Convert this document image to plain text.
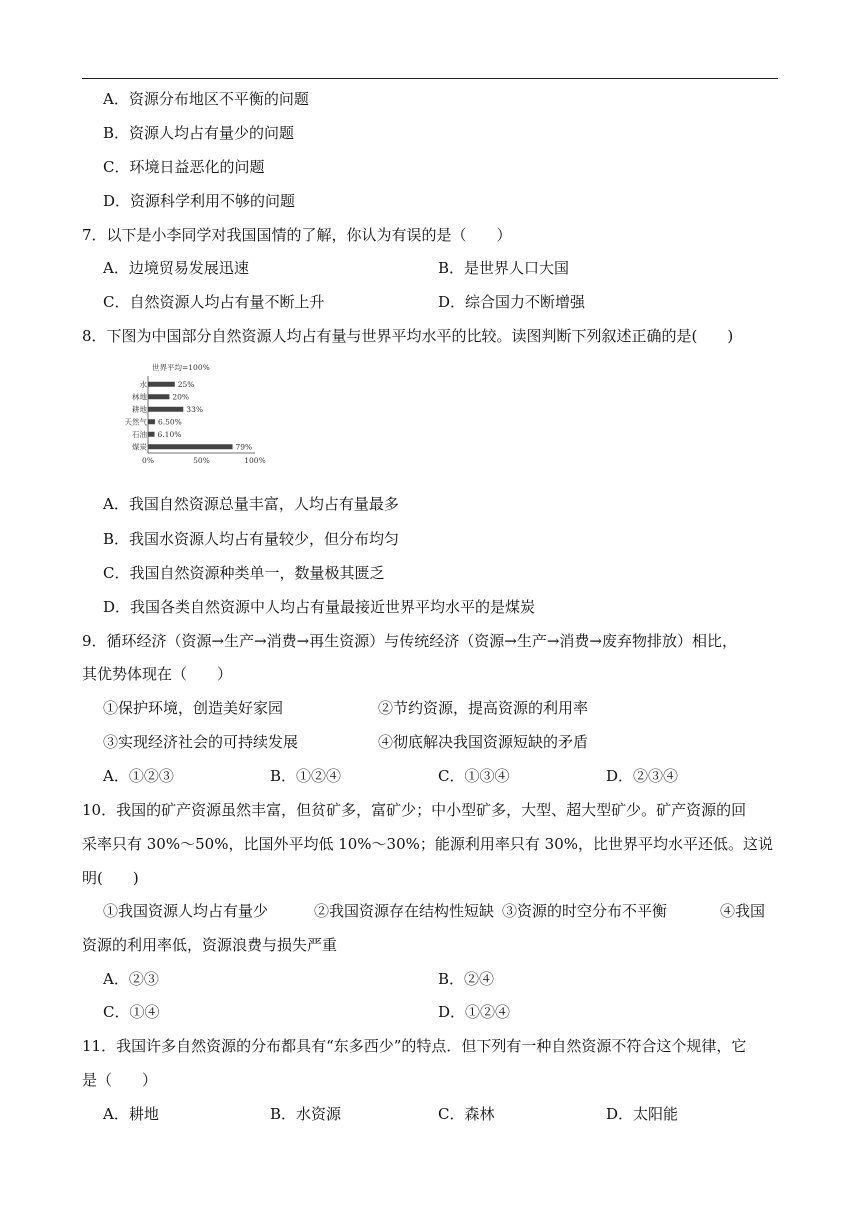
A．资源分布地区不平衡的问题
B．资源人均占有量少的问题
C．环境日益恶化的问题
D．资源科学利用不够的问题
7．以下是小李同学对我国国情的了解，你认为有误的是（　　）
A．边境贸易发展迅速	B．是世界人口大国
C．自然资源人均占有量不断上升	D．综合国力不断增强
8．下图为中国部分自然资源人均占有量与世界平均水平的比较。读图判断下列叙述正确的是(　　)
世界平均=100%
水	25%
林地	20%
耕地	33%
天然气 6.50%
石油 6.10%
煤炭	79%
0%	50%	100%
A．我国自然资源总量丰富，人均占有量最多
B．我国水资源人均占有量较少，但分布均匀
C．我国自然资源种类单一，数量极其匮乏
D．我国各类自然资源中人均占有量最接近世界平均水平的是煤炭
9．循环经济（资源→生产→消费→再生资源）与传统经济（资源→生产→消费→废弃物排放）相比，
其优势体现在（　　）
①保护环境，创造美好家园	②节约资源，提高资源的利用率
③实现经济社会的可持续发展	④彻底解决我国资源短缺的矛盾
A．①②③	B．①②④	C．①③④	D．②③④
10．我国的矿产资源虽然丰富，但贫矿多，富矿少；中小型矿多，大型、超大型矿少。矿产资源的回
采率只有 30%～50%，比国外平均低 10%～30%；能源利用率只有 30%，比世界平均水平还低。这说
明(　　)
①我国资源人均占有量少	②我国资源存在结构性短缺 ③资源的时空分布不平衡	④我国
资源的利用率低，资源浪费与损失严重
A．②③	B．②④
C．①④	D．①②④
11．我国许多自然资源的分布都具有“东多西少”的特点．但下列有一种自然资源不符合这个规律，它
是（　　）
A．耕地	B．水资源	C．森林	D．太阳能
